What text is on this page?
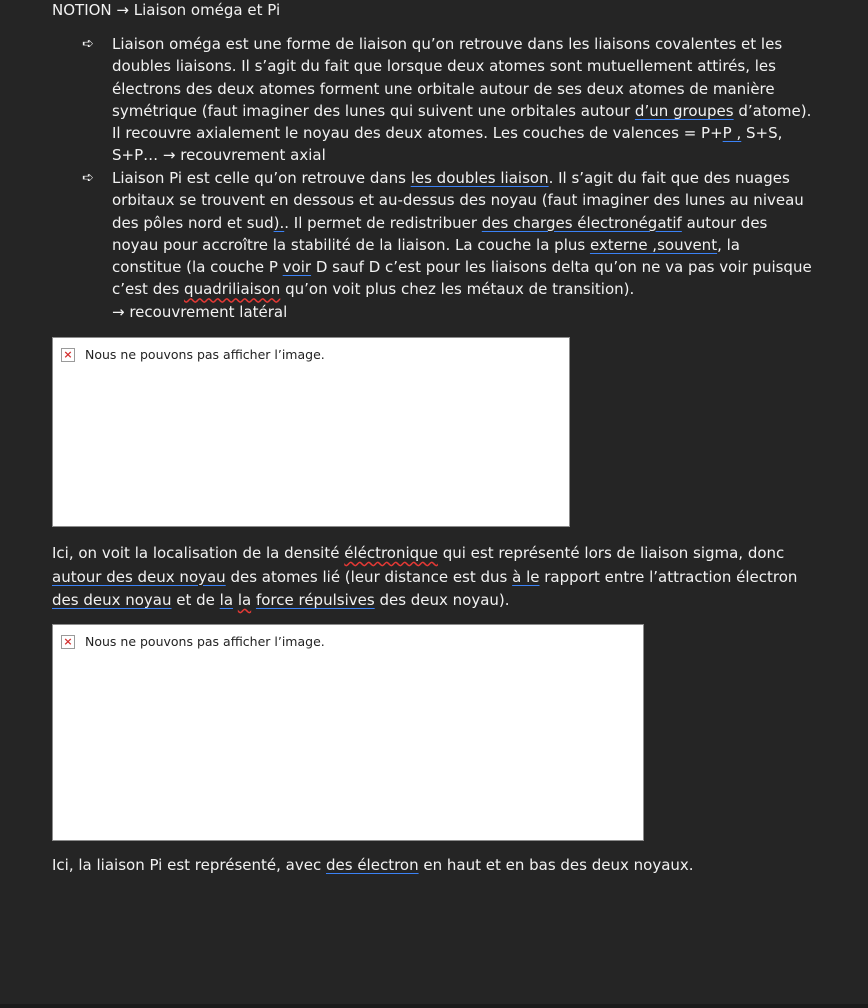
NOTION → Liaison oméga et Pi
➪ Liaison oméga est une forme de liaison qu’on retrouve dans les liaisons covalentes et les doubles liaisons. Il s’agit du fait que lorsque deux atomes sont mutuellement attirés, les électrons des deux atomes forment une orbitale autour de ses deux atomes de manière symétrique (faut imaginer des lunes qui suivent une orbitales autour d’un groupes d’atome). Il recouvre axialement le noyau des deux atomes. Les couches de valences = P+P , S+S, S+P… → recouvrement axial
➪ Liaison Pi est celle qu’on retrouve dans les doubles liaison. Il s’agit du fait que des nuages orbitaux se trouvent en dessous et au-dessus des noyau (faut imaginer des lunes au niveau des pôles nord et sud).. Il permet de redistribuer des charges électronégatif autour des noyau pour accroître la stabilité de la liaison. La couche la plus externe ,souvent, la constitue (la couche P voir D sauf D c’est pour les liaisons delta qu’on ne va pas voir puisque c’est des quadriliaison qu’on voit plus chez les métaux de transition).
→ recouvrement latéral
× Nous ne pouvons pas afficher l’image.
Ici, on voit la localisation de la densité éléctronique qui est représenté lors de liaison sigma, donc autour des deux noyau des atomes lié (leur distance est dus à le rapport entre l’attraction électron des deux noyau et de la la force répulsives des deux noyau).
× Nous ne pouvons pas afficher l’image.
Ici, la liaison Pi est représenté, avec des électron en haut et en bas des deux noyaux.
